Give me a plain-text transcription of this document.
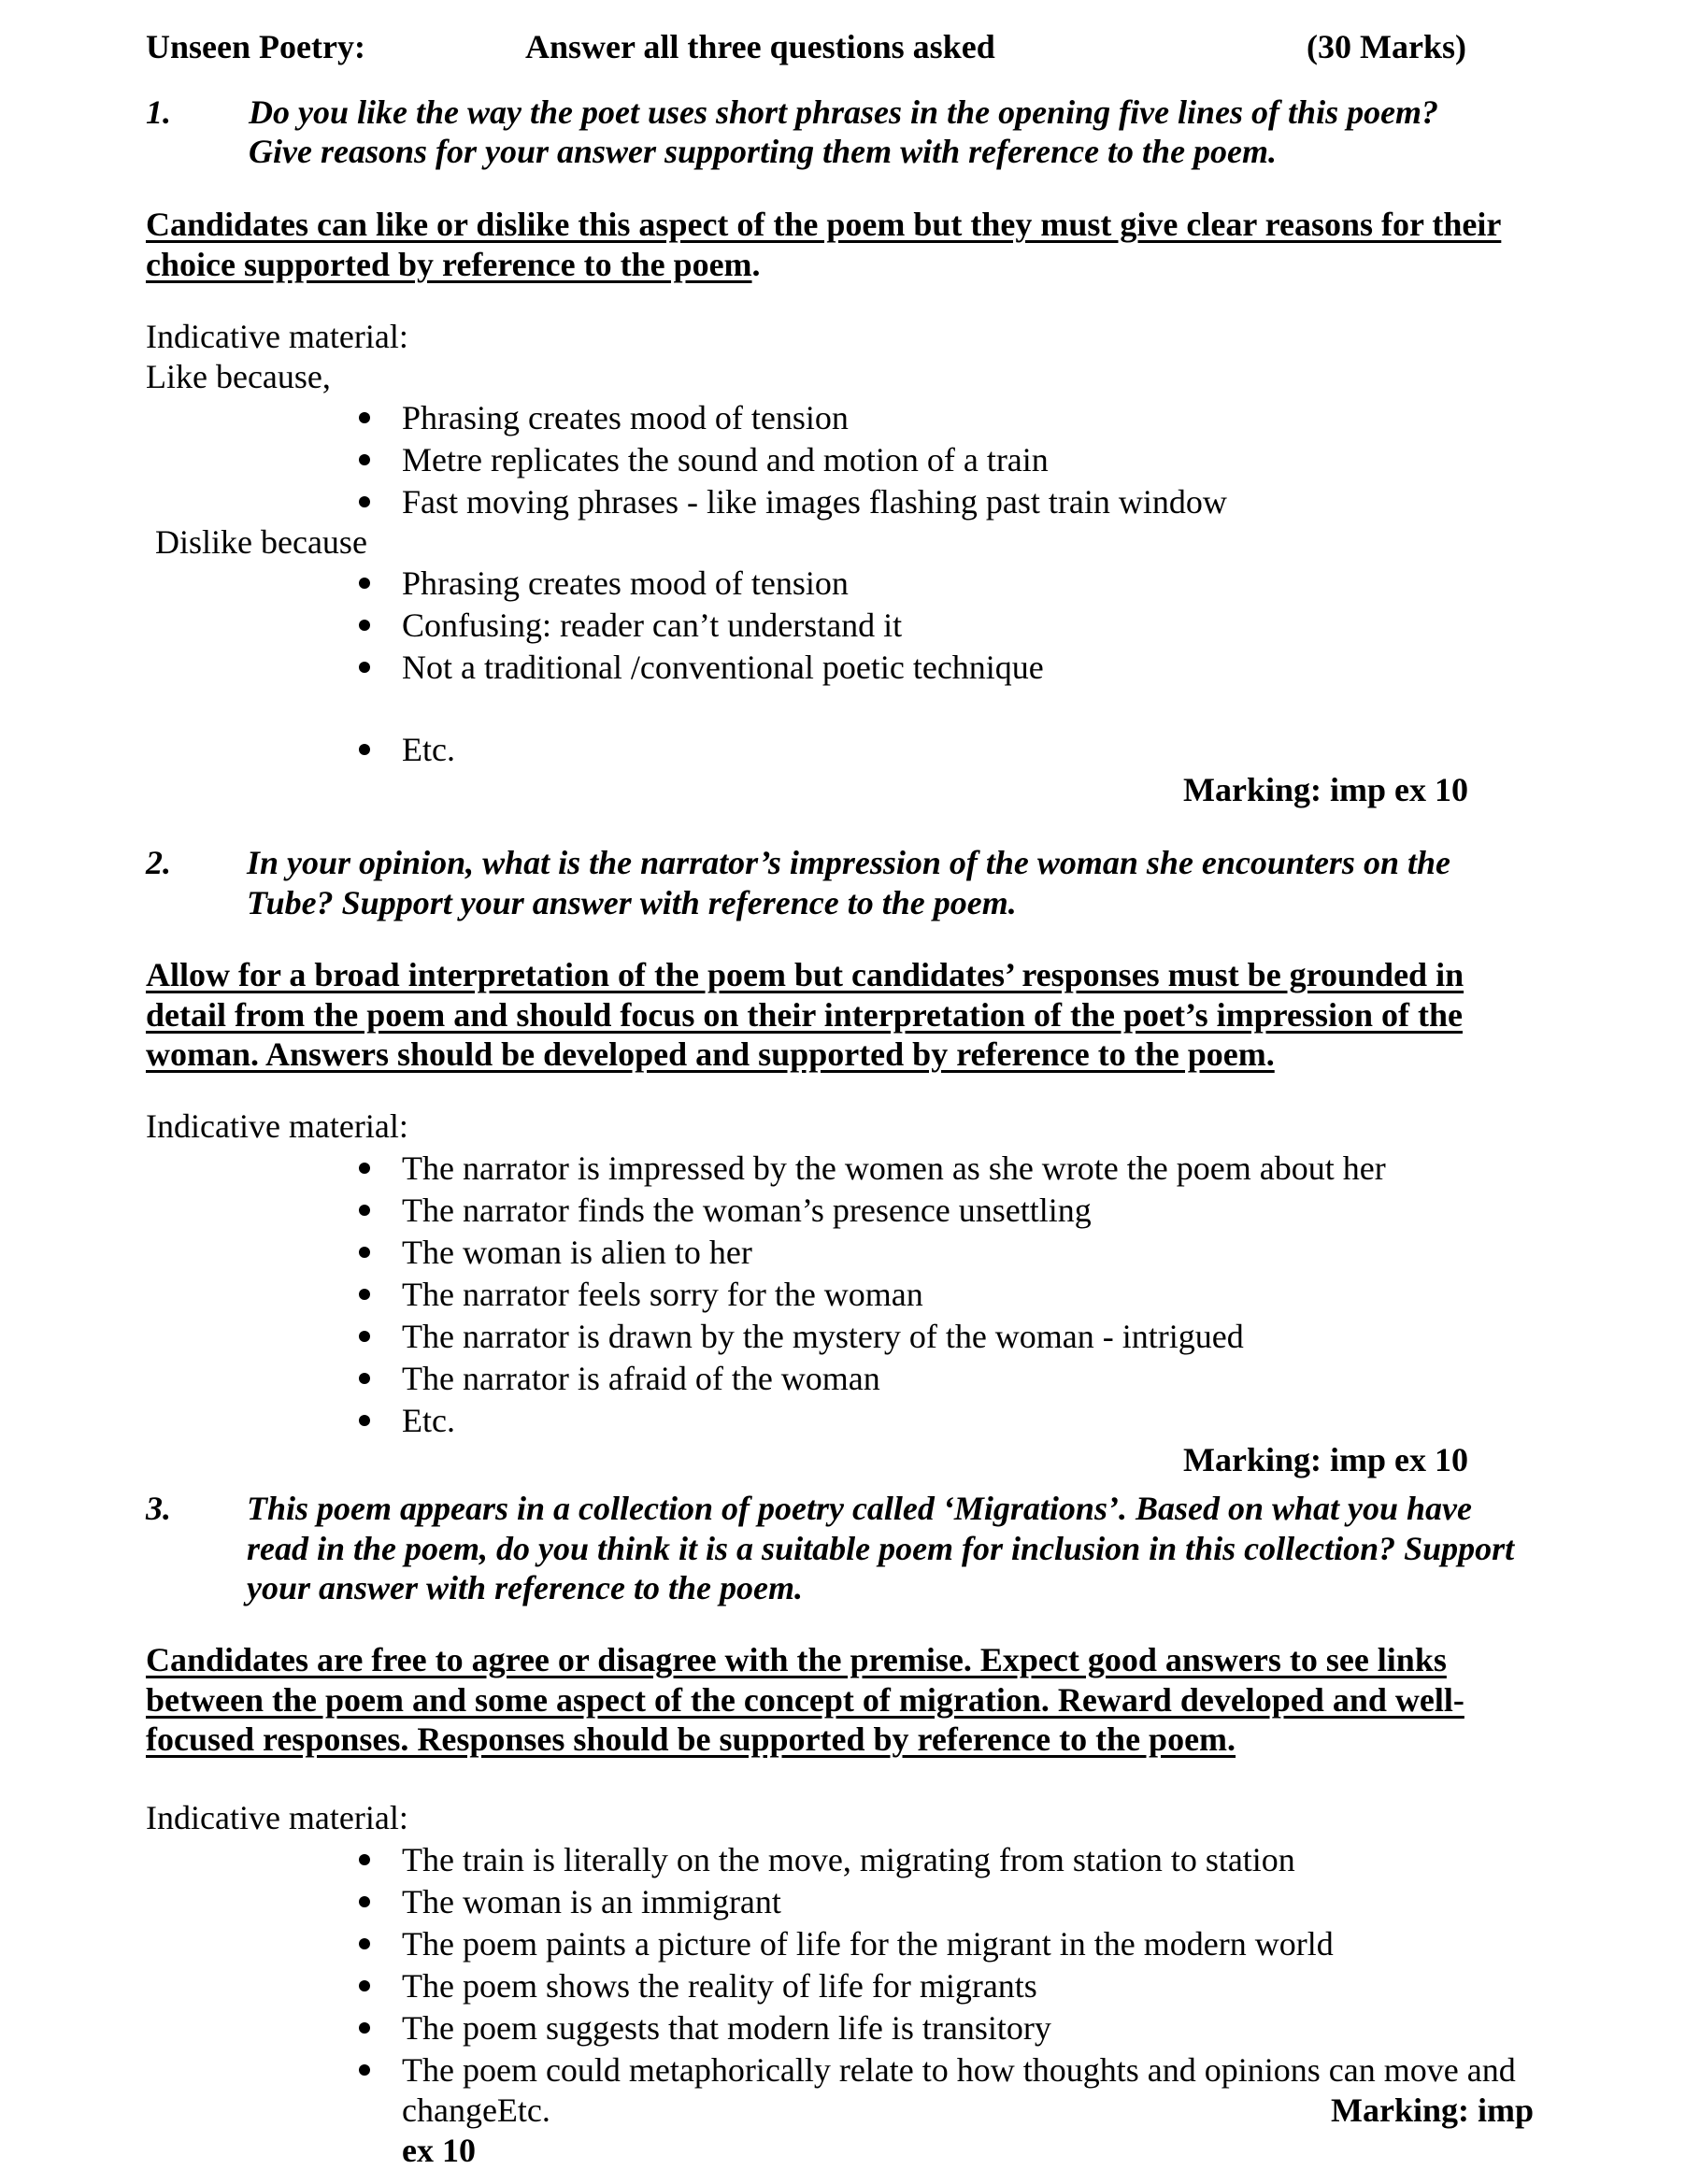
Unseen Poetry:	Answer all three questions asked	(30 Marks)
1. Do you like the way the poet uses short phrases in the opening five lines of this poem?
Give reasons for your answer supporting them with reference to the poem.
Candidates can like or dislike this aspect of the poem but they must give clear reasons for their
choice supported by reference to the poem.
Indicative material:
Like because,
Phrasing creates mood of tension
Metre replicates the sound and motion of a train
Fast moving phrases - like images flashing past train window
Dislike because
Phrasing creates mood of tension
Confusing: reader can’t understand it
Not a traditional /conventional poetic technique
Etc.
Marking: imp ex 10
2. In your opinion, what is the narrator’s impression of the woman she encounters on the
Tube? Support your answer with reference to the poem.
Allow for a broad interpretation of the poem but candidates’ responses must be grounded in
detail from the poem and should focus on their interpretation of the poet’s impression of the
woman. Answers should be developed and supported by reference to the poem.
Indicative material:
The narrator is impressed by the women as she wrote the poem about her
The narrator finds the woman’s presence unsettling
The woman is alien to her
The narrator feels sorry for the woman
The narrator is drawn by the mystery of the woman - intrigued
The narrator is afraid of the woman
Etc.
Marking: imp ex 10
3. This poem appears in a collection of poetry called ‘Migrations’. Based on what you have
read in the poem, do you think it is a suitable poem for inclusion in this collection? Support
your answer with reference to the poem.
Candidates are free to agree or disagree with the premise. Expect good answers to see links
between the poem and some aspect of the concept of migration. Reward developed and well-
focused responses. Responses should be supported by reference to the poem.
Indicative material:
The train is literally on the move, migrating from station to station
The woman is an immigrant
The poem paints a picture of life for the migrant in the modern world
The poem shows the reality of life for migrants
The poem suggests that modern life is transitory
The poem could metaphorically relate to how thoughts and opinions can move and
changeEtc.	Marking: imp
ex 10
